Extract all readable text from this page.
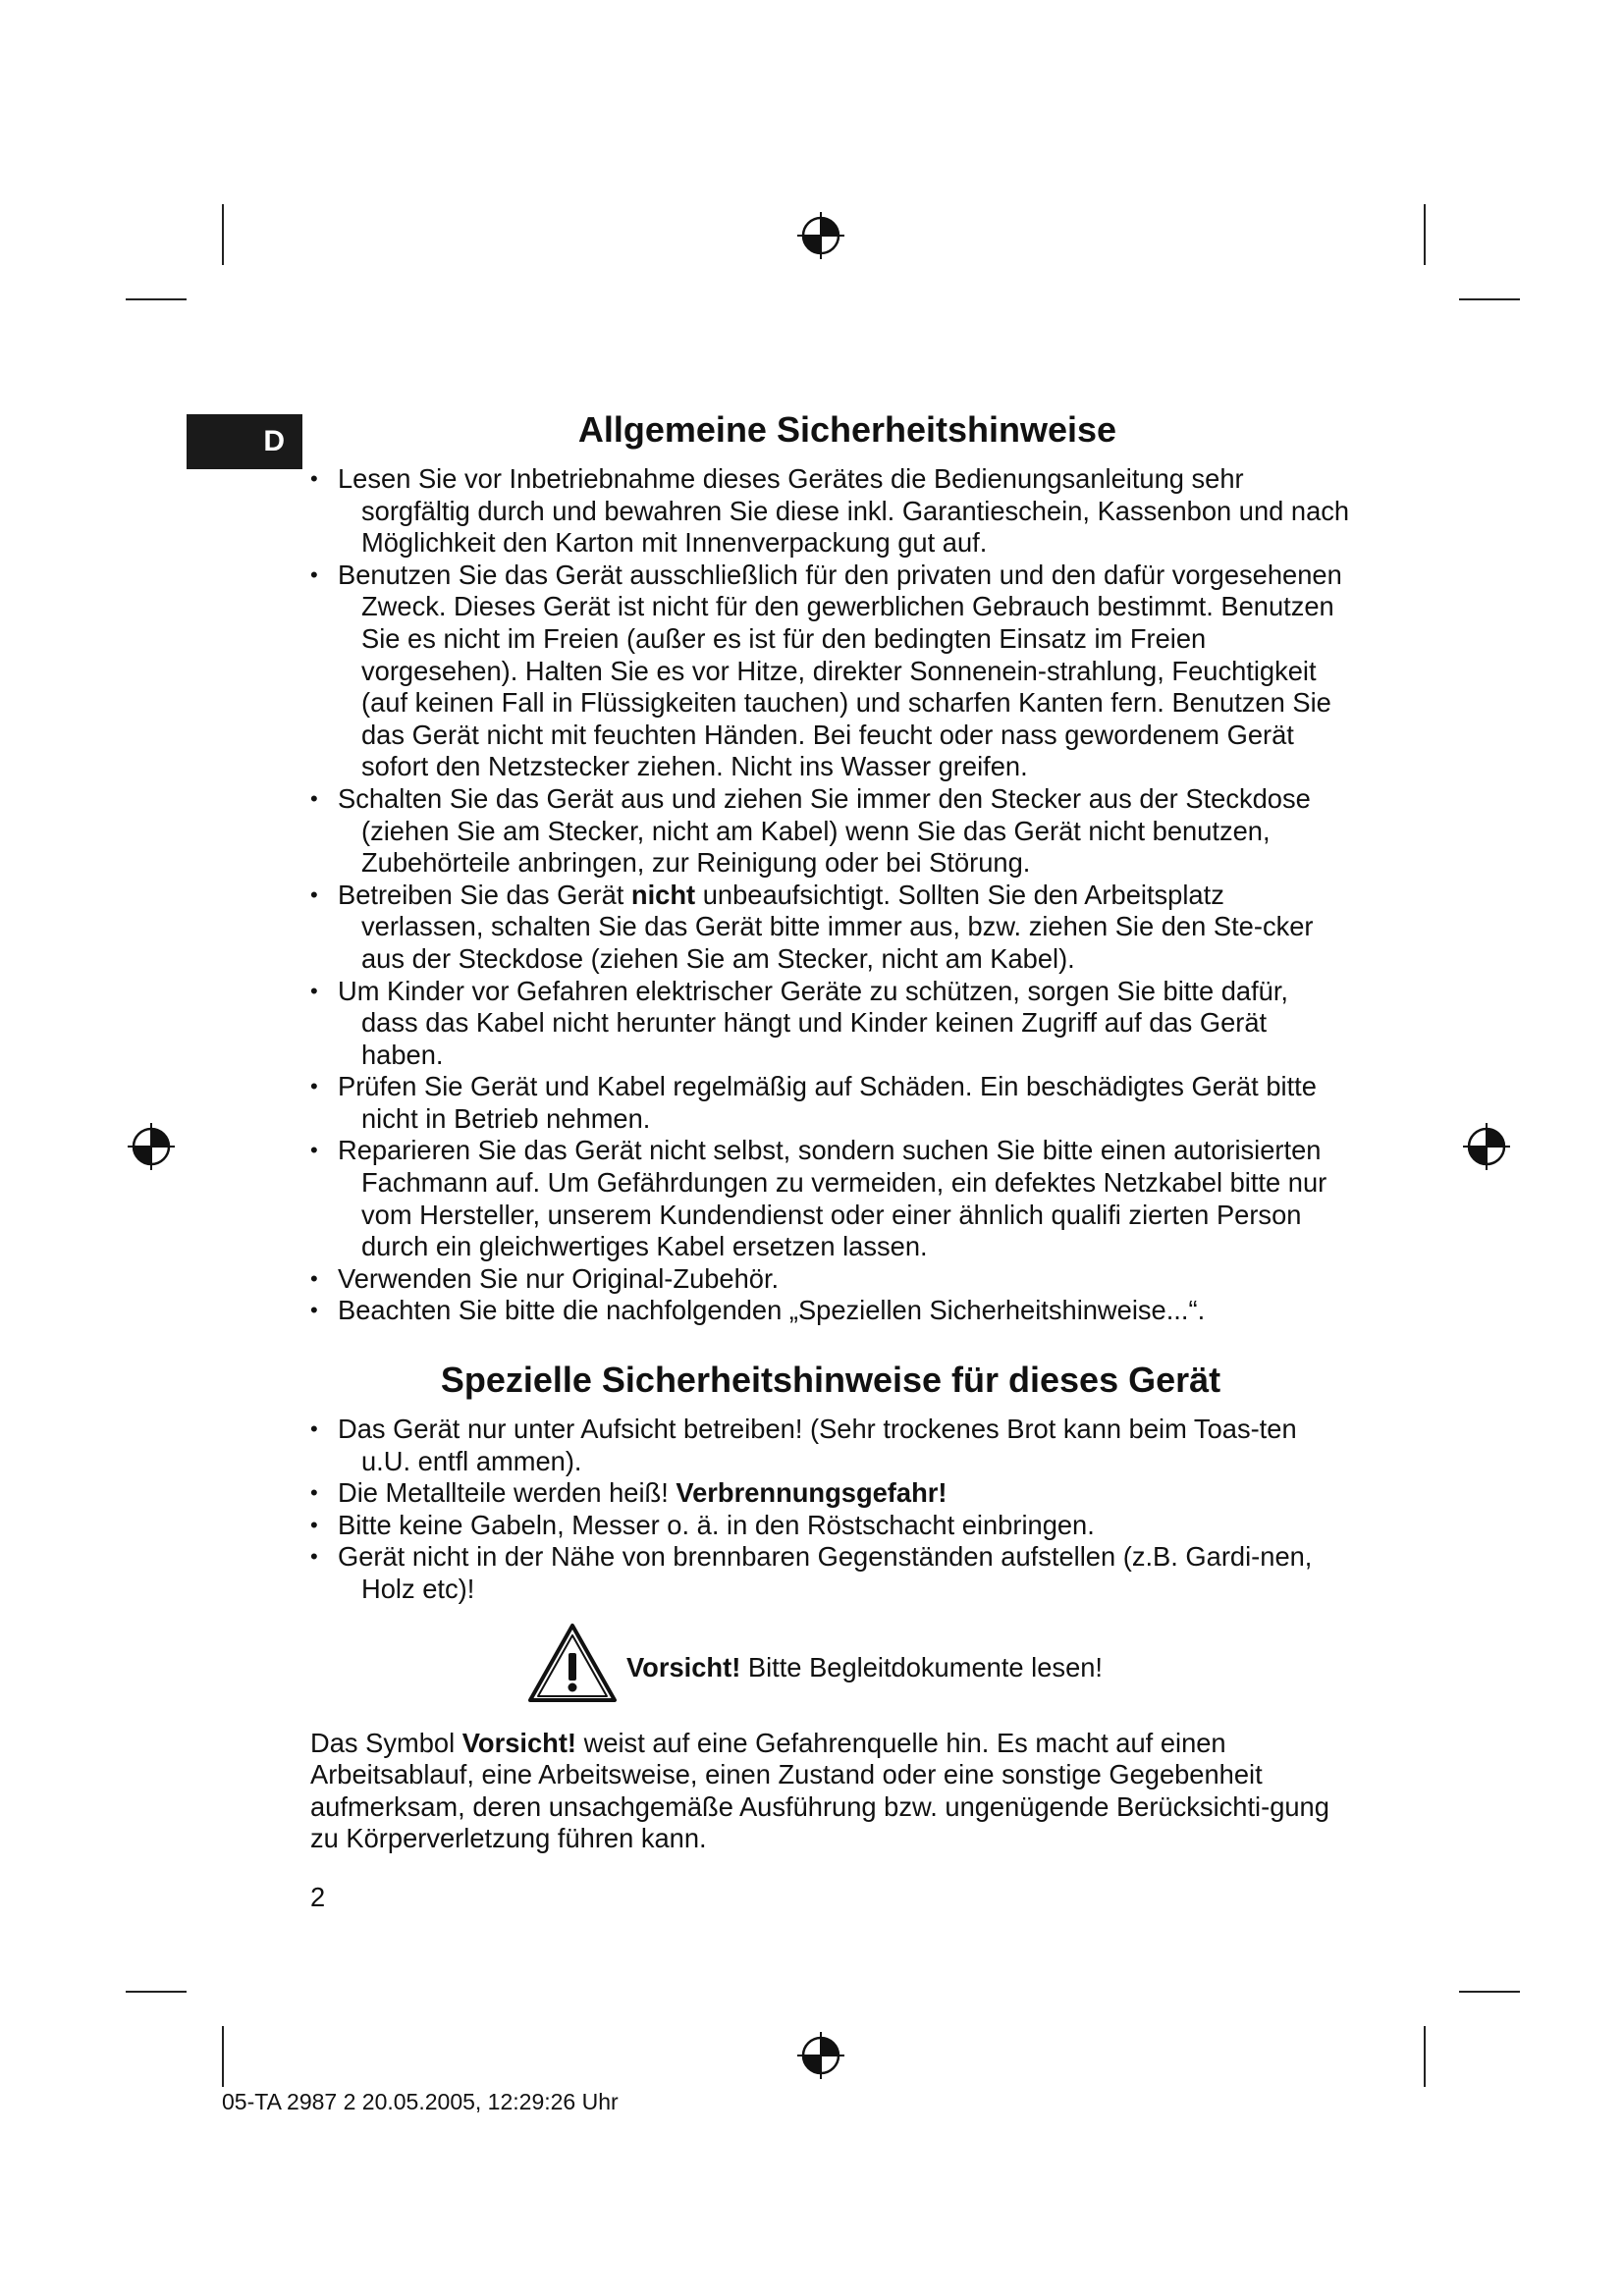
D	Allgemeine Sicherheitshinweise
• Lesen Sie vor Inbetriebnahme dieses Gerätes die Bedienungsanleitung sehr sorgfältig durch und bewahren Sie diese inkl. Garantieschein, Kassenbon und nach Möglichkeit den Karton mit Innenverpackung gut auf.
• Benutzen Sie das Gerät ausschließlich für den privaten und den dafür vorgesehenen Zweck. Dieses Gerät ist nicht für den gewerblichen Gebrauch bestimmt. Benutzen Sie es nicht im Freien (außer es ist für den bedingten Einsatz im Freien vorgesehen). Halten Sie es vor Hitze, direkter Sonnenein-strahlung, Feuchtigkeit (auf keinen Fall in Flüssigkeiten tauchen) und scharfen Kanten fern. Benutzen Sie das Gerät nicht mit feuchten Händen. Bei feucht oder nass gewordenem Gerät sofort den Netzstecker ziehen. Nicht ins Wasser greifen.
• Schalten Sie das Gerät aus und ziehen Sie immer den Stecker aus der Steckdose (ziehen Sie am Stecker, nicht am Kabel) wenn Sie das Gerät nicht benutzen, Zubehörteile anbringen, zur Reinigung oder bei Störung.
• Betreiben Sie das Gerät nicht unbeaufsichtigt. Sollten Sie den Arbeitsplatz verlassen, schalten Sie das Gerät bitte immer aus, bzw. ziehen Sie den Ste-cker aus der Steckdose (ziehen Sie am Stecker, nicht am Kabel).
• Um Kinder vor Gefahren elektrischer Geräte zu schützen, sorgen Sie bitte dafür, dass das Kabel nicht herunter hängt und Kinder keinen Zugriff auf das Gerät haben.
• Prüfen Sie Gerät und Kabel regelmäßig auf Schäden. Ein beschädigtes Gerät bitte nicht in Betrieb nehmen.
• Reparieren Sie das Gerät nicht selbst, sondern suchen Sie bitte einen autorisierten Fachmann auf. Um Gefährdungen zu vermeiden, ein defektes Netzkabel bitte nur vom Hersteller, unserem Kundendienst oder einer ähnlich qualifi zierten Person durch ein gleichwertiges Kabel ersetzen lassen.
• Verwenden Sie nur Original-Zubehör.
• Beachten Sie bitte die nachfolgenden „Speziellen Sicherheitshinweise...“.
Spezielle Sicherheitshinweise für dieses Gerät
• Das Gerät nur unter Aufsicht betreiben! (Sehr trockenes Brot kann beim Toas-ten u.U. entfl ammen).
• Die Metallteile werden heiß! Verbrennungsgefahr!
• Bitte keine Gabeln, Messer o. ä. in den Röstschacht einbringen.
• Gerät nicht in der Nähe von brennbaren Gegenständen aufstellen (z.B. Gardi-nen, Holz etc)!
Vorsicht! Bitte Begleitdokumente lesen!

Das Symbol Vorsicht! weist auf eine Gefahrenquelle hin. Es macht auf einen Arbeitsablauf, eine Arbeitsweise, einen Zustand oder eine sonstige Gegebenheit aufmerksam, deren unsachgemäße Ausführung bzw. ungenügende Berücksichti-gung zu Körperverletzung führen kann.

2
05-TA 2987 2 20.05.2005, 12:29:26 Uhr
